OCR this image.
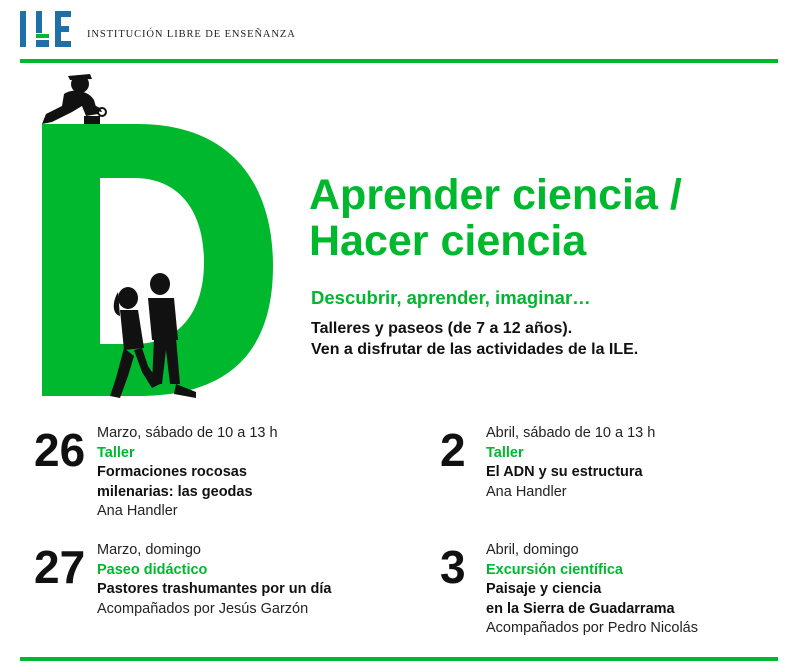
INSTITUCIÓN LIBRE DE ENSEÑANZA
Aprender ciencia /
Hacer ciencia
Descubrir, aprender, imaginar…
Talleres y paseos (de 7 a 12 años).
Ven a disfrutar de las actividades de la ILE.
26 Marzo, sábado de 10 a 13 h
Taller
Formaciones rocosas
milenarias: las geodas
Ana Handler
27 Marzo, domingo
Paseo didáctico
Pastores trashumantes por un día
Acompañados por Jesús Garzón
2 Abril, sábado de 10 a 13 h
Taller
El ADN y su estructura
Ana Handler
3 Abril, domingo
Excursión científica
Paisaje y ciencia
en la Sierra de Guadarrama
Acompañados por Pedro Nicolás
